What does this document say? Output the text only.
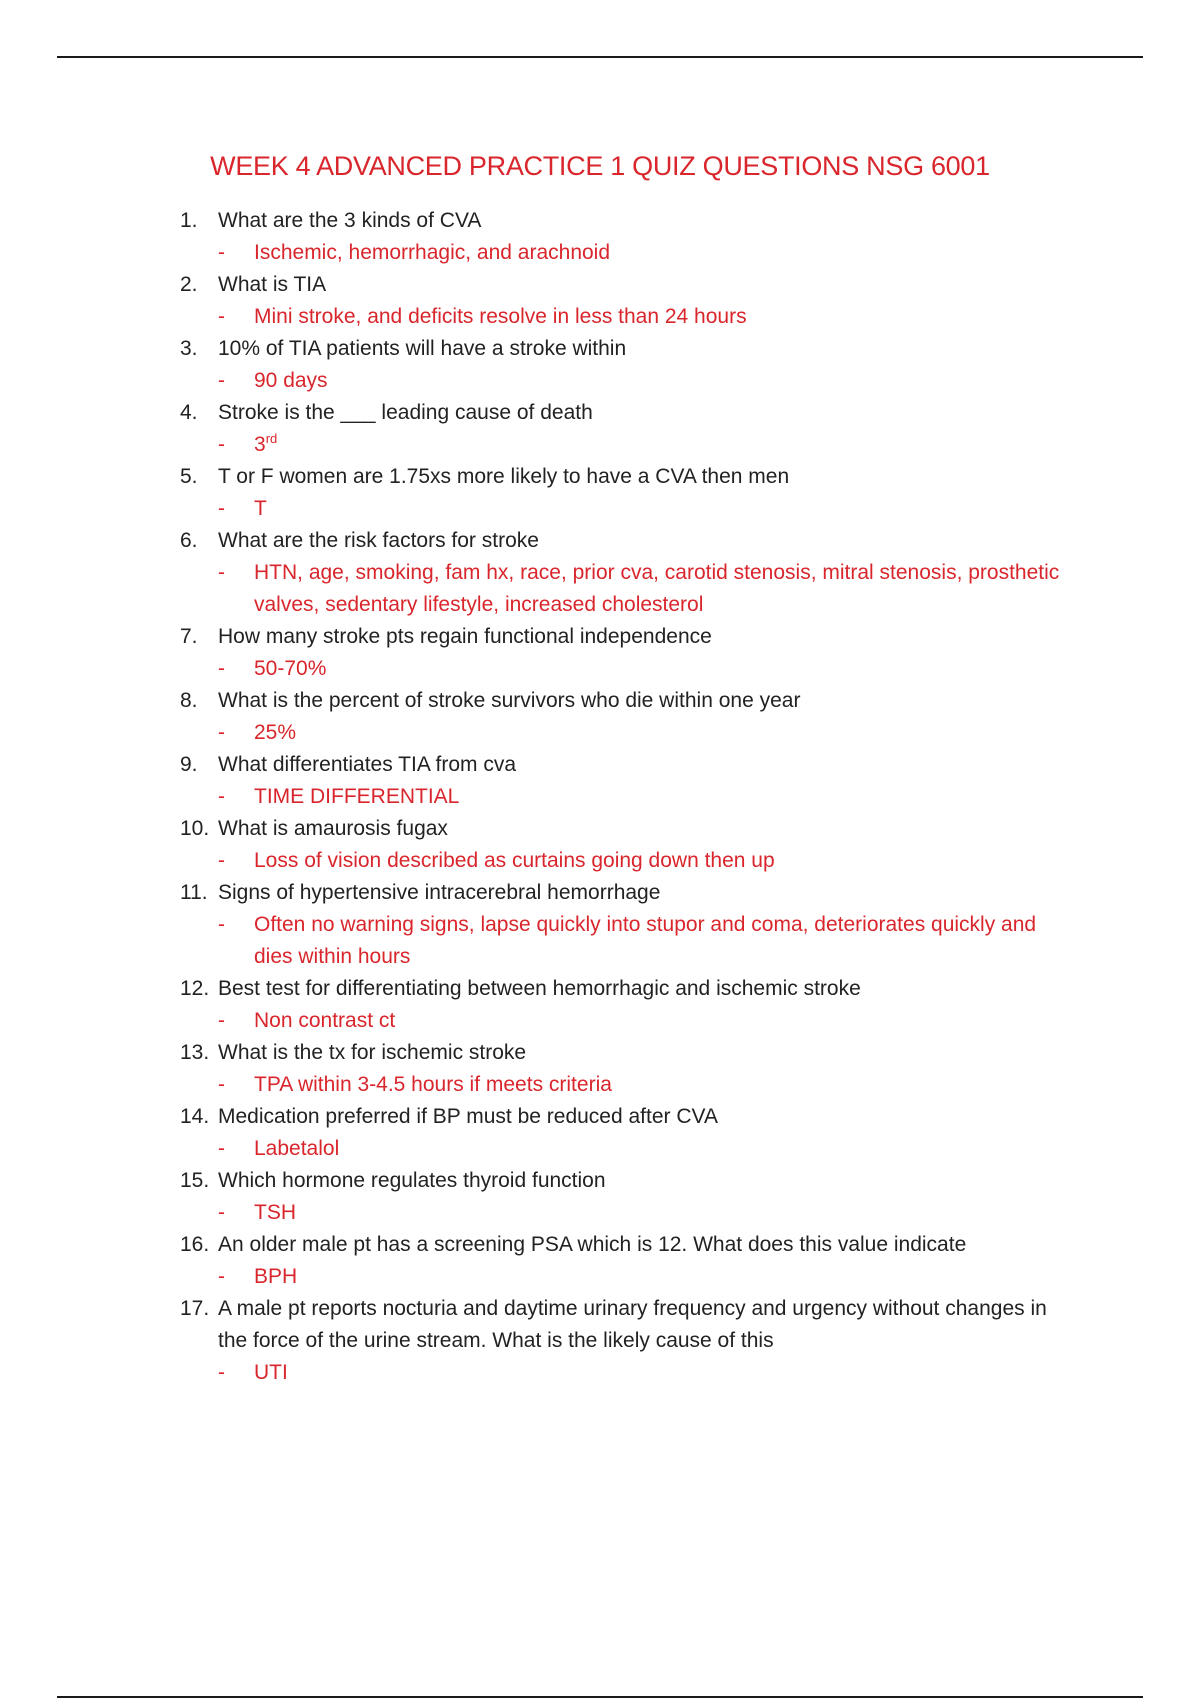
WEEK 4 ADVANCED PRACTICE 1 QUIZ QUESTIONS NSG 6001
1. What are the 3 kinds of CVA
- Ischemic, hemorrhagic, and arachnoid
2. What is TIA
- Mini stroke, and deficits resolve in less than 24 hours
3. 10% of TIA patients will have a stroke within
- 90 days
4. Stroke is the ___ leading cause of death
- 3rd
5. T or F women are 1.75xs more likely to have a CVA then men
- T
6. What are the risk factors for stroke
- HTN, age, smoking, fam hx, race, prior cva, carotid stenosis, mitral stenosis, prosthetic valves, sedentary lifestyle, increased cholesterol
7. How many stroke pts regain functional independence
- 50-70%
8. What is the percent of stroke survivors who die within one year
- 25%
9. What differentiates TIA from cva
- TIME DIFFERENTIAL
10. What is amaurosis fugax
- Loss of vision described as curtains going down then up
11. Signs of hypertensive intracerebral hemorrhage
- Often no warning signs, lapse quickly into stupor and coma, deteriorates quickly and dies within hours
12. Best test for differentiating between hemorrhagic and ischemic stroke
- Non contrast ct
13. What is the tx for ischemic stroke
- TPA within 3-4.5 hours if meets criteria
14. Medication preferred if BP must be reduced after CVA
- Labetalol
15. Which hormone regulates thyroid function
- TSH
16. An older male pt has a screening PSA which is 12. What does this value indicate
- BPH
17. A male pt reports nocturia and daytime urinary frequency and urgency without changes in the force of the urine stream. What is the likely cause of this
- UTI
